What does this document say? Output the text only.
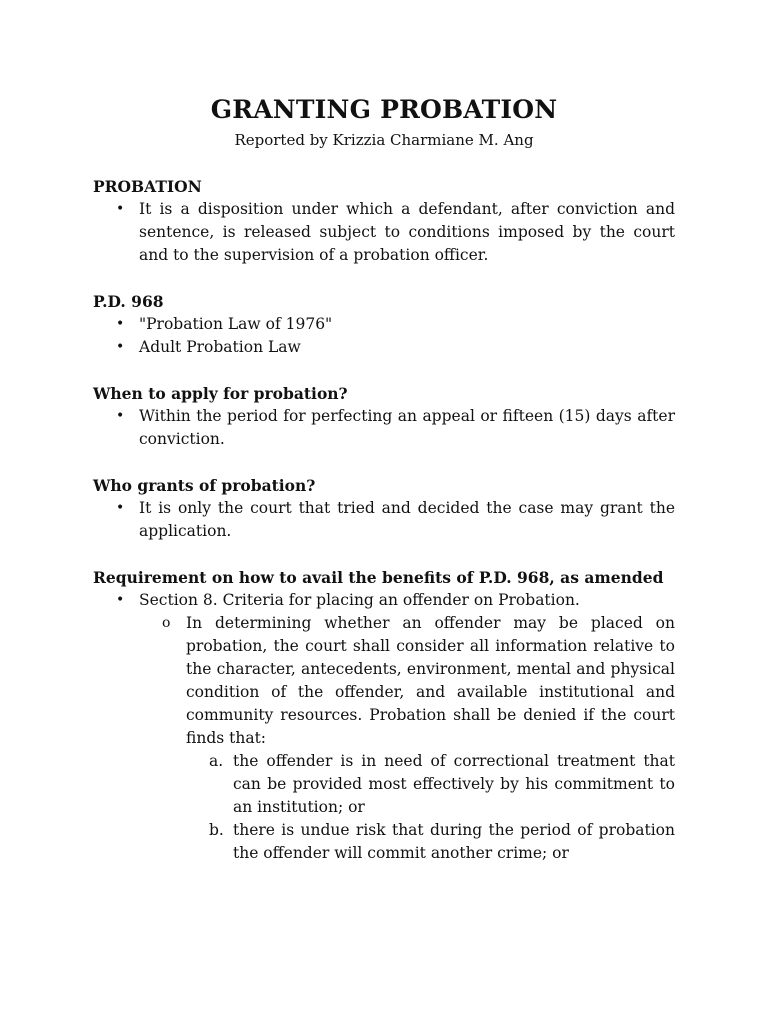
GRANTING PROBATION

Reported by Krizzia Charmiane M. Ang

PROBATION

• It is a disposition under which a defendant, after conviction and sentence, is released subject to conditions imposed by the court and to the supervision of a probation officer.

P.D. 968

• "Probation Law of 1976"
• Adult Probation Law

When to apply for probation?

• Within the period for perfecting an appeal or fifteen (15) days after conviction.

Who grants of probation?

• It is only the court that tried and decided the case may grant the application.

Requirement on how to avail the benefits of P.D. 968, as amended

• Section 8. Criteria for placing an offender on Probation.
o In determining whether an offender may be placed on probation, the court shall consider all information relative to the character, antecedents, environment, mental and physical condition of the offender, and available institutional and community resources. Probation shall be denied if the court finds that:
a. the offender is in need of correctional treatment that can be provided most effectively by his commitment to an institution; or
b. there is undue risk that during the period of probation the offender will commit another crime; or
